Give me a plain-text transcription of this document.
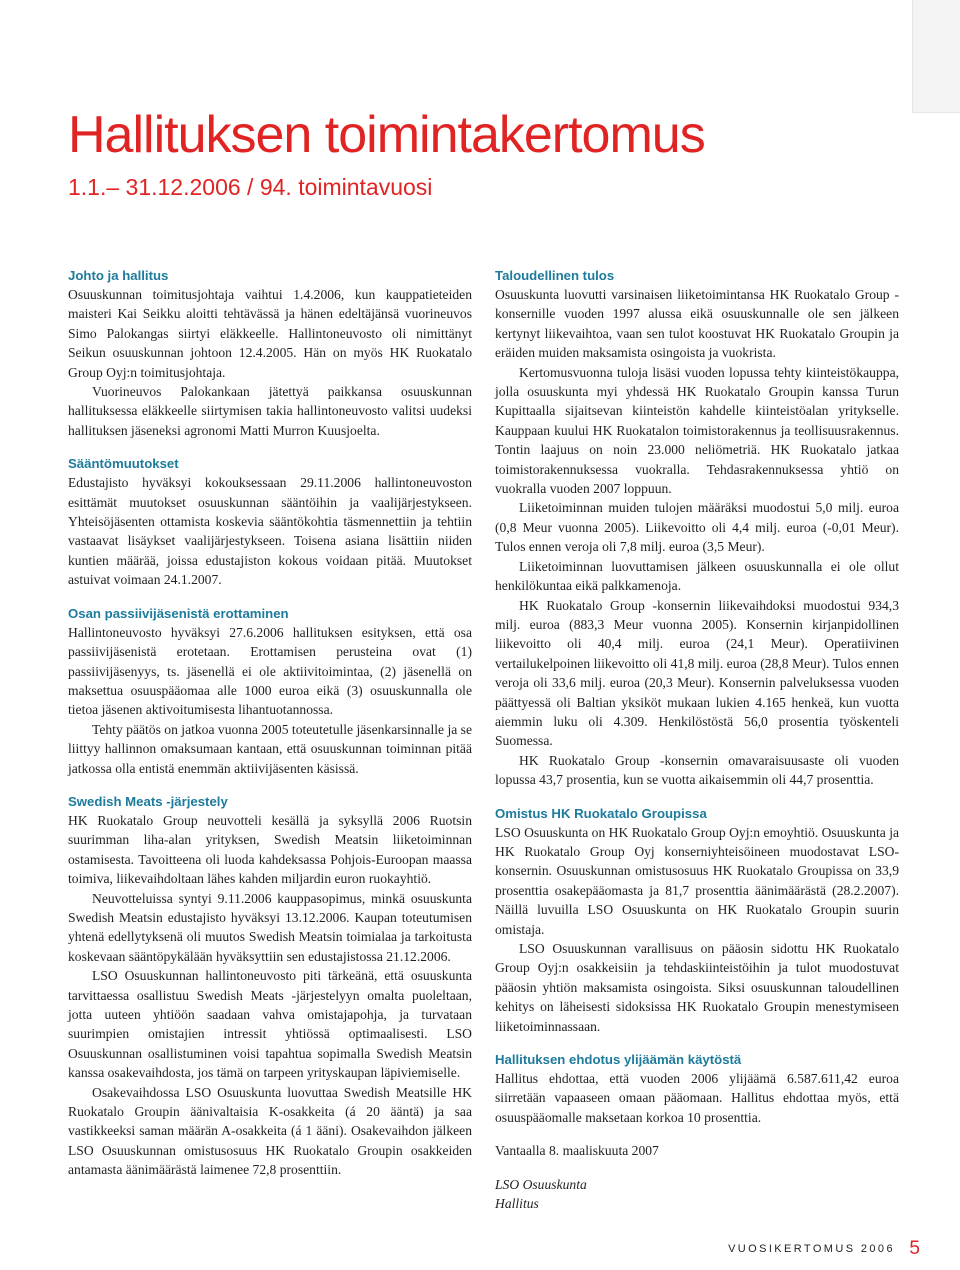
Hallituksen toimintakertomus
1.1.– 31.12.2006 / 94. toimintavuosi
Johto ja hallitus

Osuuskunnan toimitusjohtaja vaihtui 1.4.2006, kun kauppatieteiden maisteri Kai Seikku aloitti tehtävässä ja hänen edeltäjänsä vuorineuvos Simo Palokangas siirtyi eläkkeelle. Hallintoneuvosto oli nimittänyt Seikun osuuskunnan johtoon 12.4.2005. Hän on myös HK Ruokatalo Group Oyj:n toimitusjohtaja.

Vuorineuvos Palokankaan jätettyä paikkansa osuuskunnan hallituksessa eläkkeelle siirtymisen takia hallintoneuvosto valitsi uudeksi hallituksen jäseneksi agronomi Matti Murron Kuusjoelta.

Sääntömuutokset

Edustajisto hyväksyi kokouksessaan 29.11.2006 hallintoneuvoston esittämät muutokset osuuskunnan sääntöihin ja vaalijärjestykseen. Yhteisöjäsenten ottamista koskevia sääntökohtia täsmennettiin ja tehtiin vastaavat lisäykset vaalijärjestykseen. Toisena asiana lisättiin niiden kuntien määrää, joissa edustajiston kokous voidaan pitää. Muutokset astuivat voimaan 24.1.2007.

Osan passiivijäsenistä erottaminen

Hallintoneuvosto hyväksyi 27.6.2006 hallituksen esityksen, että osa passiivijäsenistä erotetaan. Erottamisen perusteina ovat (1) passiivijäsenyys, ts. jäsenellä ei ole aktiivitoimintaa, (2) jäsenellä on maksettua osuuspääomaa alle 1000 euroa eikä (3) osuuskunnalla ole tietoa jäsenen aktivoitumisesta lihantuotannossa.

Tehty päätös on jatkoa vuonna 2005 toteutetulle jäsenkarsinnalle ja se liittyy hallinnon omaksumaan kantaan, että osuuskunnan toiminnan pitää jatkossa olla entistä enemmän aktiivijäsenten käsissä.

Swedish Meats -järjestely

HK Ruokatalo Group neuvotteli kesällä ja syksyllä 2006 Ruotsin suurimman liha-alan yrityksen, Swedish Meatsin liiketoiminnan ostamisesta. Tavoitteena oli luoda kahdeksassa Pohjois-Euroopan maassa toimiva, liikevaihdoltaan lähes kahden miljardin euron ruokayhtiö.

Neuvotteluissa syntyi 9.11.2006 kauppasopimus, minkä osuuskunta Swedish Meatsin edustajisto hyväksyi 13.12.2006. Kaupan toteutumisen yhtenä edellytyksenä oli muutos Swedish Meatsin toimialaa ja tarkoitusta koskevaan sääntöpykälään hyväksyttiin sen edustajistossa 21.12.2006.

LSO Osuuskunnan hallintoneuvosto piti tärkeänä, että osuuskunta tarvittaessa osallistuu Swedish Meats -järjestelyyn omalta puoleltaan, jotta uuteen yhtiöön saadaan vahva omistajapohja, ja turvataan suurimpien omistajien intressit yhtiössä optimaalisesti. LSO Osuuskunnan osallistuminen voisi tapahtua sopimalla Swedish Meatsin kanssa osakevaihdosta, jos tämä on tarpeen yrityskaupan läpiviemiselle.

Osakevaihdossa LSO Osuuskunta luovuttaa Swedish Meatsille HK Ruokatalo Groupin äänivaltaisia K-osakkeita (á 20 ääntä) ja saa vastikkeeksi saman määrän A-osakkeita (á 1 ääni). Osakevaihdon jälkeen LSO Osuuskunnan omistusosuus HK Ruokatalo Groupin osakkeiden antamasta äänimäärästä laimenee 72,8 prosenttiin.

Taloudellinen tulos

Osuuskunta luovutti varsinaisen liiketoimintansa HK Ruokatalo Group -konsernille vuoden 1997 alussa eikä osuuskunnalle ole sen jälkeen kertynyt liikevaihtoa, vaan sen tulot koostuvat HK Ruokatalo Groupin ja eräiden muiden maksamista osingoista ja vuokrista.

Kertomusvuonna tuloja lisäsi vuoden lopussa tehty kiinteistökauppa, jolla osuuskunta myi yhdessä HK Ruokatalo Groupin kanssa Turun Kupittaalla sijaitsevan kiinteistön kahdelle kiinteistöalan yritykselle. Kauppaan kuului HK Ruokatalon toimistorakennus ja teollisuusrakennus. Tontin laajuus on noin 23.000 neliömetriä. HK Ruokatalo jatkaa toimistorakennuksessa vuokralla. Tehdasrakennuksessa yhtiö on vuokralla vuoden 2007 loppuun.

Liiketoiminnan muiden tulojen määräksi muodostui 5,0 milj. euroa (0,8 Meur vuonna 2005). Liikevoitto oli 4,4 milj. euroa (-0,01 Meur). Tulos ennen veroja oli 7,8 milj. euroa (3,5 Meur).

Liiketoiminnan luovuttamisen jälkeen osuuskunnalla ei ole ollut henkilökuntaa eikä palkkamenoja.

HK Ruokatalo Group -konsernin liikevaihdoksi muodostui 934,3 milj. euroa (883,3 Meur vuonna 2005). Konsernin kirjanpidollinen liikevoitto oli 40,4 milj. euroa (24,1 Meur). Operatiivinen vertailukelpoinen liikevoitto oli 41,8 milj. euroa (28,8 Meur). Tulos ennen veroja oli 33,6 milj. euroa (20,3 Meur). Konsernin palveluksessa vuoden päättyessä oli Baltian yksiköt mukaan lukien 4.165 henkeä, kun vuotta aiemmin luku oli 4.309. Henkilöstöstä 56,0 prosentia työskenteli Suomessa.

HK Ruokatalo Group -konsernin omavaraisuusaste oli vuoden lopussa 43,7 prosentia, kun se vuotta aikaisemmin oli 44,7 prosenttia.

Omistus HK Ruokatalo Groupissa

LSO Osuuskunta on HK Ruokatalo Group Oyj:n emoyhtiö. Osuuskunta ja HK Ruokatalo Group Oyj konserniyhteisöineen muodostavat LSO-konsernin. Osuuskunnan omistusosuus HK Ruokatalo Groupissa on 33,9 prosenttia osakepääomasta ja 81,7 prosenttia äänimäärästä (28.2.2007). Näillä luvuilla LSO Osuuskunta on HK Ruokatalo Groupin suurin omistaja.

LSO Osuuskunnan varallisuus on pääosin sidottu HK Ruokatalo Group Oyj:n osakkeisiin ja tehdaskiinteistöihin ja tulot muodostuvat pääosin yhtiön maksamista osingoista. Siksi osuuskunnan taloudellinen kehitys on läheisesti sidoksissa HK Ruokatalo Groupin menestymiseen liiketoiminnassaan.

Hallituksen ehdotus ylijäämän käytöstä

Hallitus ehdottaa, että vuoden 2006 ylijäämä 6.587.611,42 euroa siirretään vapaaseen omaan pääomaan. Hallitus ehdottaa myös, että osuuspääomalle maksetaan korkoa 10 prosenttia.

Vantaalla 8. maaliskuuta 2007

LSO Osuuskunta

Hallitus

VUOSIKERTOMUS 2006 5
